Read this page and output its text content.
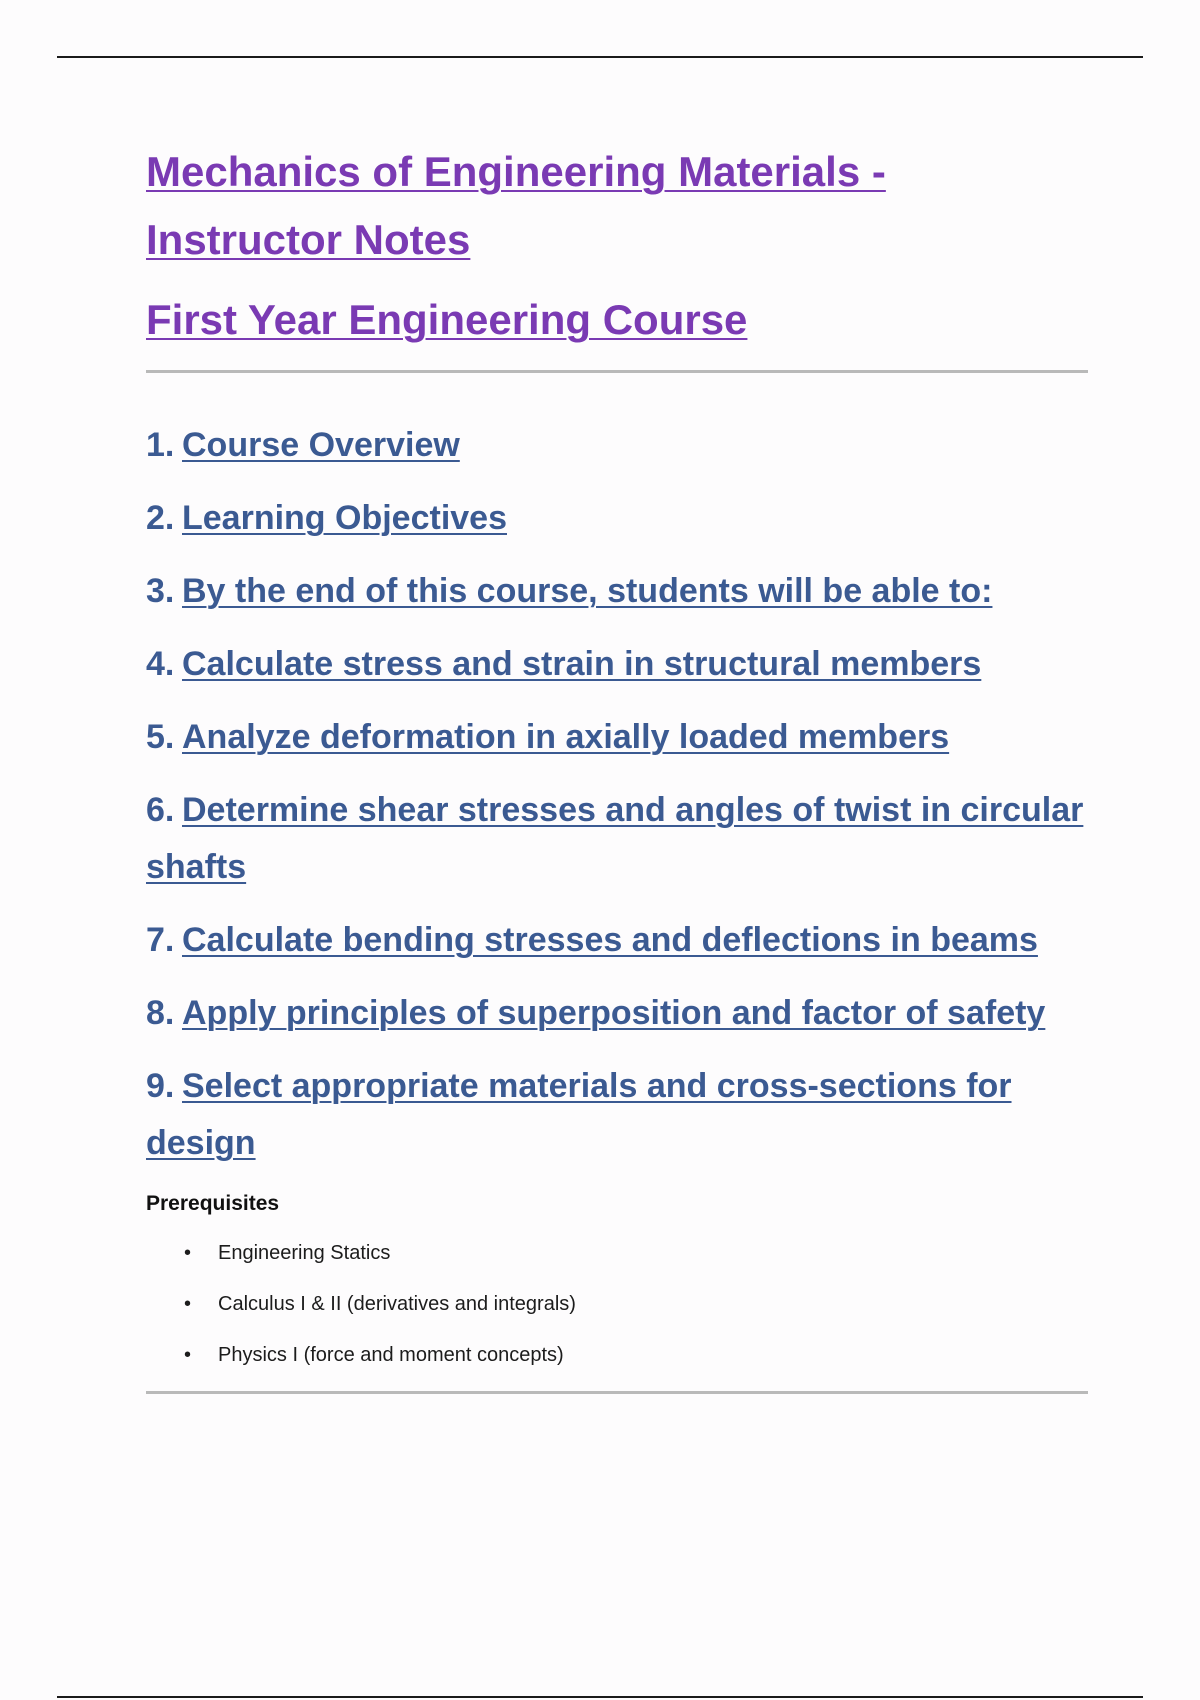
Mechanics of Engineering Materials - Instructor Notes
First Year Engineering Course
1. Course Overview
2. Learning Objectives
3. By the end of this course, students will be able to:
4. Calculate stress and strain in structural members
5. Analyze deformation in axially loaded members
6. Determine shear stresses and angles of twist in circular shafts
7. Calculate bending stresses and deflections in beams
8. Apply principles of superposition and factor of safety
9. Select appropriate materials and cross-sections for design

Prerequisites

• Engineering Statics
• Calculus I & II (derivatives and integrals)
• Physics I (force and moment concepts)
